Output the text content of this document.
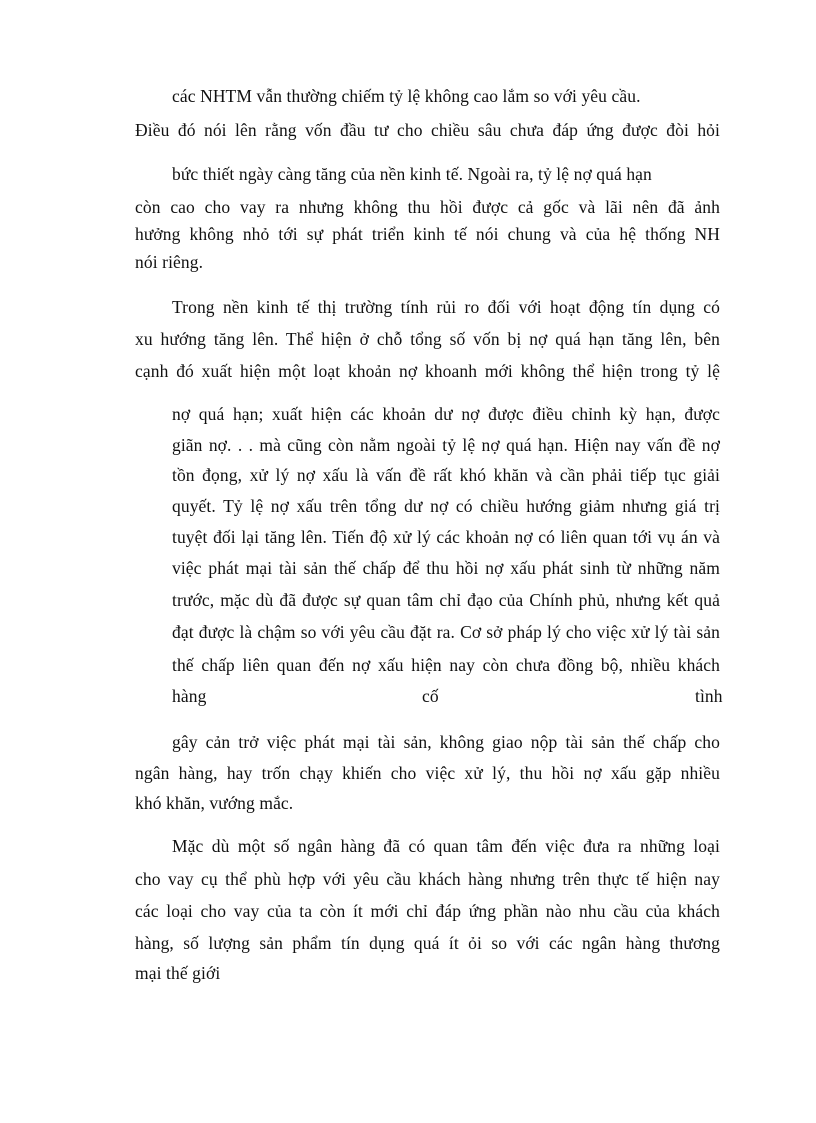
các NHTM vẫn thường chiếm tỷ lệ không cao lắm so với yêu cầu.
Điều đó nói lên rằng vốn đầu tư cho chiều sâu chưa đáp ứng được đòi hỏi
bức thiết ngày càng tăng của nền kinh tế. Ngoài ra, tỷ lệ nợ quá hạn
còn cao cho vay ra nhưng không thu hồi được cả gốc và lãi nên đã ảnh
hưởng không nhỏ tới sự phát triển kinh tế nói chung và của hệ thống NH
nói riêng.
Trong nền kinh tế thị trường tính rủi ro đối với hoạt động tín dụng có
xu hướng tăng lên. Thể hiện ở chỗ tổng số vốn bị nợ quá hạn tăng lên, bên
cạnh đó xuất hiện một loạt khoản nợ khoanh mới không thể hiện trong tỷ lệ
nợ quá hạn; xuất hiện các khoản dư nợ được điều chỉnh kỳ hạn, được
giãn nợ. . . mà cũng còn nằm ngoài tỷ lệ nợ quá hạn. Hiện nay vấn đề nợ
tồn đọng, xử lý nợ xấu là vấn đề rất khó khăn và cần phải tiếp tục giải
quyết. Tỷ lệ nợ xấu trên tổng dư nợ có chiều hướng giảm nhưng giá trị
tuyệt đối lại tăng lên. Tiến độ xử lý các khoản nợ có liên quan tới vụ án và
việc phát mại tài sản thế chấp để thu hồi nợ xấu phát sinh từ những năm
trước, mặc dù đã được sự quan tâm chỉ đạo của Chính phủ, nhưng kết quả
đạt được là chậm so với yêu cầu đặt ra. Cơ sở pháp lý cho việc xử lý tài sản
thế chấp liên quan đến nợ xấu hiện nay còn chưa đồng bộ, nhiều khách
hàng	cố	tình
gây cản trở việc phát mại tài sản, không giao nộp tài sản thế chấp cho
ngân hàng, hay trốn chạy khiến cho việc xử lý, thu hồi nợ xấu gặp nhiều
khó khăn, vướng mắc.
Mặc dù một số ngân hàng đã có quan tâm đến việc đưa ra những loại
cho vay cụ thể phù hợp với yêu cầu khách hàng nhưng trên thực tế hiện nay
các loại cho vay của ta còn ít mới chỉ đáp ứng phần nào nhu cầu của khách
hàng, số lượng sản phẩm tín dụng quá ít ỏi so với các ngân hàng thương
mại thế giới
